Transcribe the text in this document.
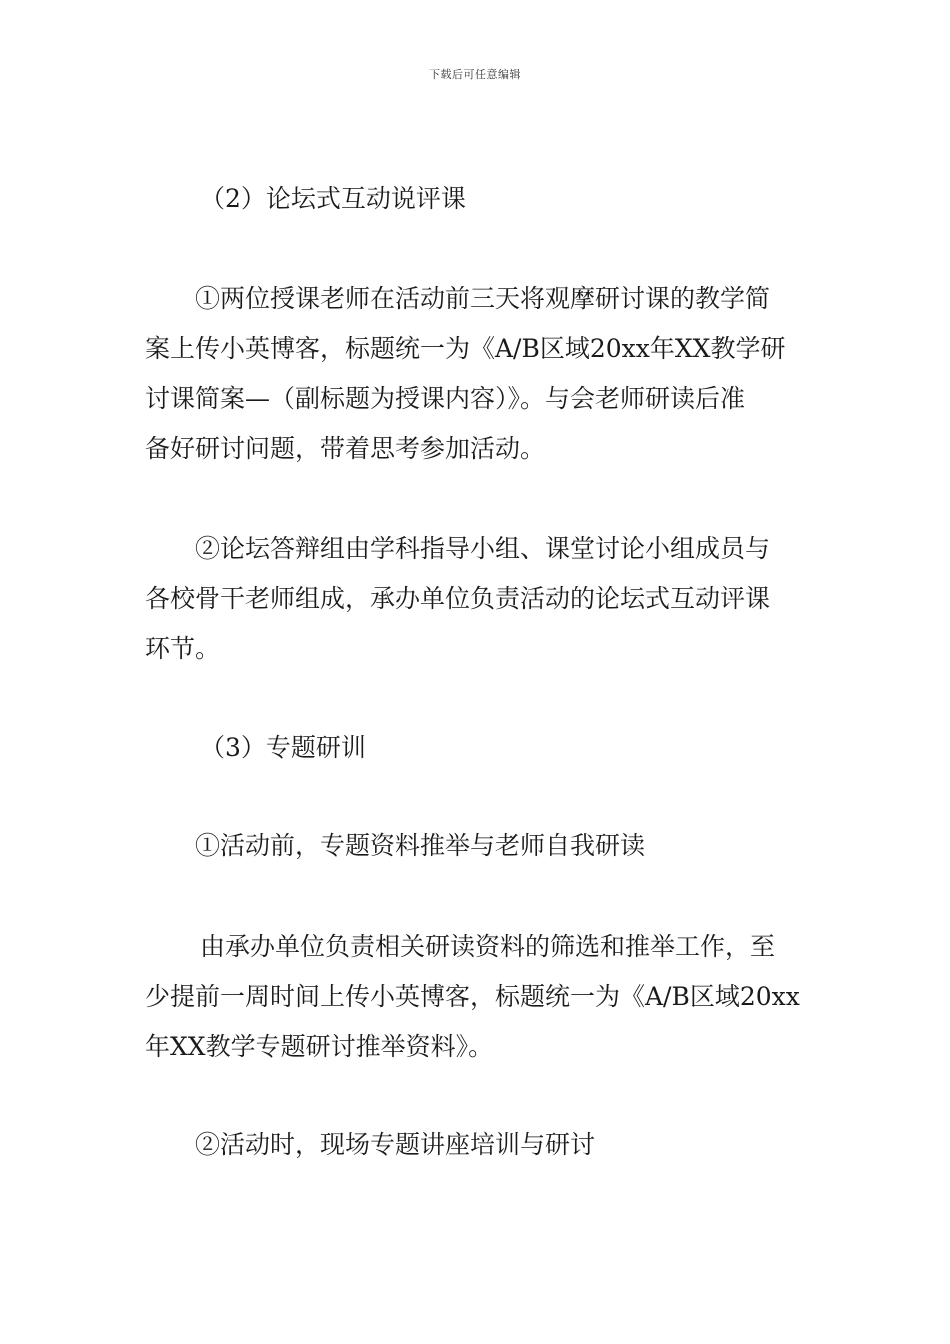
下载后可任意编辑

（2）论坛式互动说评课

①两位授课老师在活动前三天将观摩研讨课的教学简

案上传小英博客，标题统一为《A/B区域20xx年XX教学研

讨课简案—（副标题为授课内容）》。与会老师研读后准

备好研讨问题，带着思考参加活动。

②论坛答辩组由学科指导小组、课堂讨论小组成员与

各校骨干老师组成，承办单位负责活动的论坛式互动评课

环节。

（3）专题研训

①活动前，专题资料推举与老师自我研读

由承办单位负责相关研读资料的筛选和推举工作，至

少提前一周时间上传小英博客，标题统一为《A/B区域20xx

年XX教学专题研讨推举资料》。

②活动时，现场专题讲座培训与研讨
